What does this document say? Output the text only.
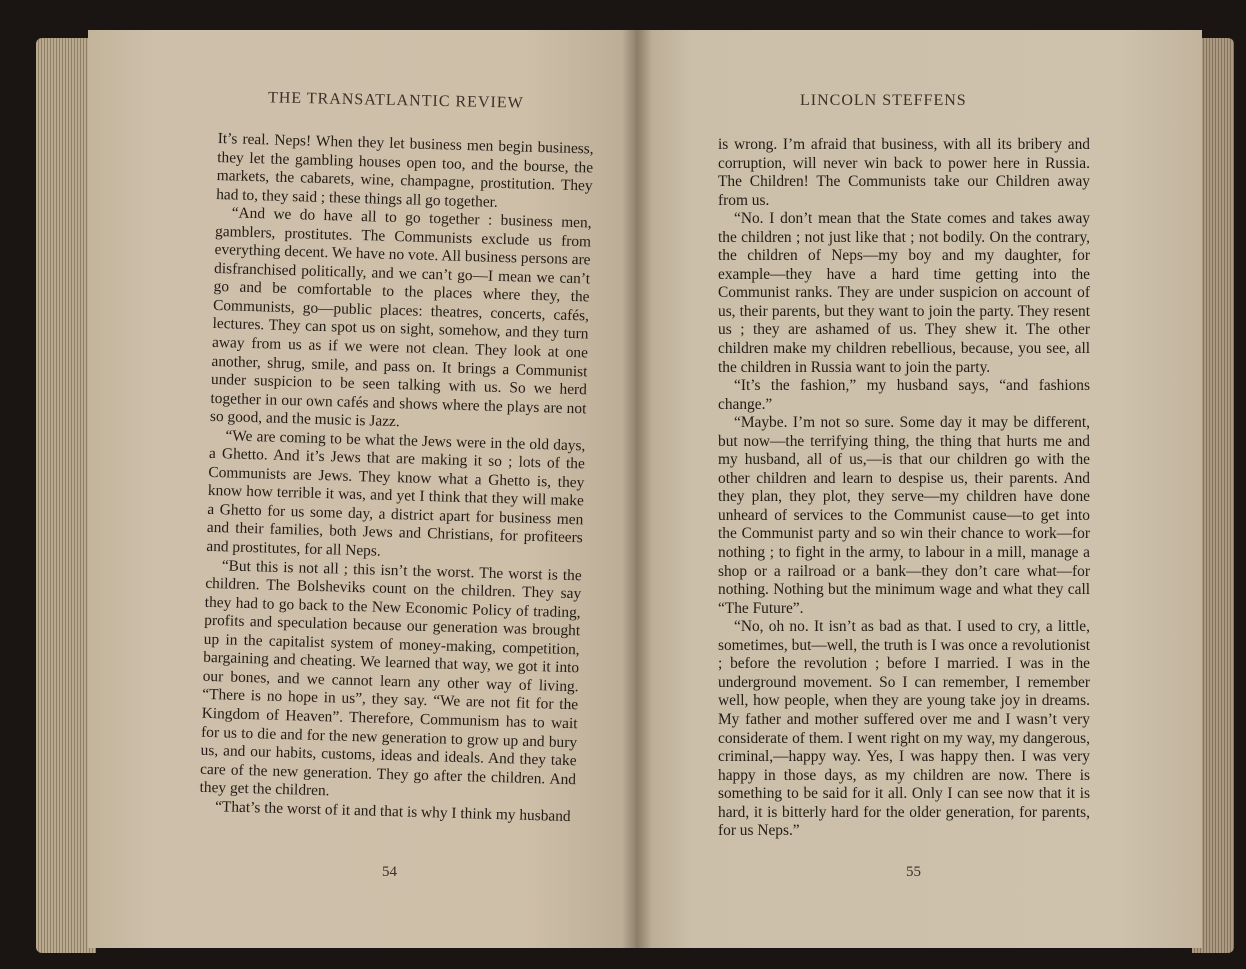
THE TRANSATLANTIC REVIEW

It’s real. Neps! When they let business men begin business, they let the gambling houses open too, and the bourse, the markets, the cabarets, wine, champagne, prostitution. They had to, they said ; these things all go together.

“And we do have all to go together : business men, gamblers, prostitutes. The Communists exclude us from everything decent. We have no vote. All business persons are disfranchised politically, and we can’t go—I mean we can’t go and be comfortable to the places where they, the Communists, go—public places: theatres, concerts, cafés, lectures. They can spot us on sight, somehow, and they turn away from us as if we were not clean. They look at one another, shrug, smile, and pass on. It brings a Communist under suspicion to be seen talking with us. So we herd together in our own cafés and shows where the plays are not so good, and the music is Jazz.

“We are coming to be what the Jews were in the old days, a Ghetto. And it’s Jews that are making it so ; lots of the Communists are Jews. They know what a Ghetto is, they know how terrible it was, and yet I think that they will make a Ghetto for us some day, a district apart for business men and their families, both Jews and Christians, for profiteers and prostitutes, for all Neps.

“But this is not all ; this isn’t the worst. The worst is the children. The Bolsheviks count on the children. They say they had to go back to the New Economic Policy of trading, profits and speculation because our generation was brought up in the capitalist system of money-making, competition, bargaining and cheating. We learned that way, we got it into our bones, and we cannot learn any other way of living. “There is no hope in us”, they say. “We are not fit for the Kingdom of Heaven”. Therefore, Communism has to wait for us to die and for the new generation to grow up and bury us, and our habits, customs, ideas and ideals. And they take care of the new generation. They go after the children. And they get the children.

“That’s the worst of it and that is why I think my husband

54
LINCOLN STEFFENS

is wrong. I’m afraid that business, with all its bribery and corruption, will never win back to power here in Russia. The Children! The Communists take our Children away from us.

“No. I don’t mean that the State comes and takes away the children ; not just like that ; not bodily. On the contrary, the children of Neps—my boy and my daughter, for example—they have a hard time getting into the Communist ranks. They are under suspicion on account of us, their parents, but they want to join the party. They resent us ; they are ashamed of us. They shew it. The other children make my children rebellious, because, you see, all the children in Russia want to join the party.

“It’s the fashion,” my husband says, “and fashions change.”

“Maybe. I’m not so sure. Some day it may be different, but now—the terrifying thing, the thing that hurts me and my husband, all of us,—is that our children go with the other children and learn to despise us, their parents. And they plan, they plot, they serve—my children have done unheard of services to the Communist cause—to get into the Communist party and so win their chance to work—for nothing ; to fight in the army, to labour in a mill, manage a shop or a railroad or a bank—they don’t care what—for nothing. Nothing but the minimum wage and what they call “The Future”.

“No, oh no. It isn’t as bad as that. I used to cry, a little, sometimes, but—well, the truth is I was once a revolutionist ; before the revolution ; before I married. I was in the underground movement. So I can remember, I remember well, how people, when they are young take joy in dreams. My father and mother suffered over me and I wasn’t very considerate of them. I went right on my way, my dangerous, criminal,—happy way. Yes, I was happy then. I was very happy in those days, as my children are now. There is something to be said for it all. Only I can see now that it is hard, it is bitterly hard for the older generation, for parents, for us Neps.”

55
